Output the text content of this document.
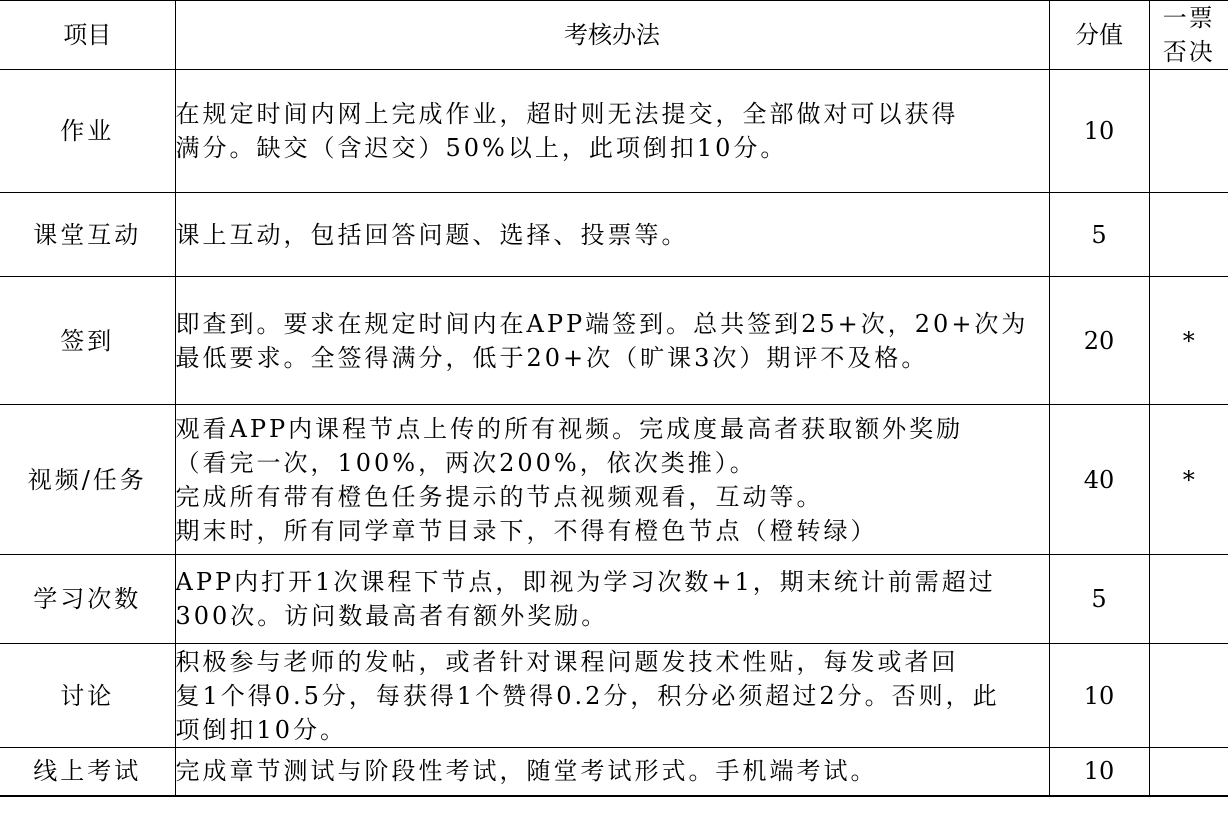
项目	考核办法	分值	一票
否决

作业	在规定时间内网上完成作业，超时则无法提交，全部做对可以获得
满分。缺交（含迟交）50%以上，此项倒扣10分。	10	
课堂互动	课上互动，包括回答问题、选择、投票等。	5	
签到	即查到。要求在规定时间内在APP端签到。总共签到25+次，20+次为
最低要求。全签得满分，低于20+次（旷课3次）期评不及格。	20	*
视频/任务	观看APP内课程节点上传的所有视频。完成度最高者获取额外奖励
（看完一次，100%，两次200%，依次类推）。
完成所有带有橙色任务提示的节点视频观看，互动等。
期末时，所有同学章节目录下，不得有橙色节点（橙转绿）	40	*
学习次数	APP内打开1次课程下节点，即视为学习次数+1，期末统计前需超过
300次。访问数最高者有额外奖励。	5	
讨论	积极参与老师的发帖，或者针对课程问题发技术性贴，每发或者回
复1个得0.5分，每获得1个赞得0.2分，积分必须超过2分。否则，此
项倒扣10分。	10	
线上考试	完成章节测试与阶段性考试，随堂考试形式。手机端考试。	10	
